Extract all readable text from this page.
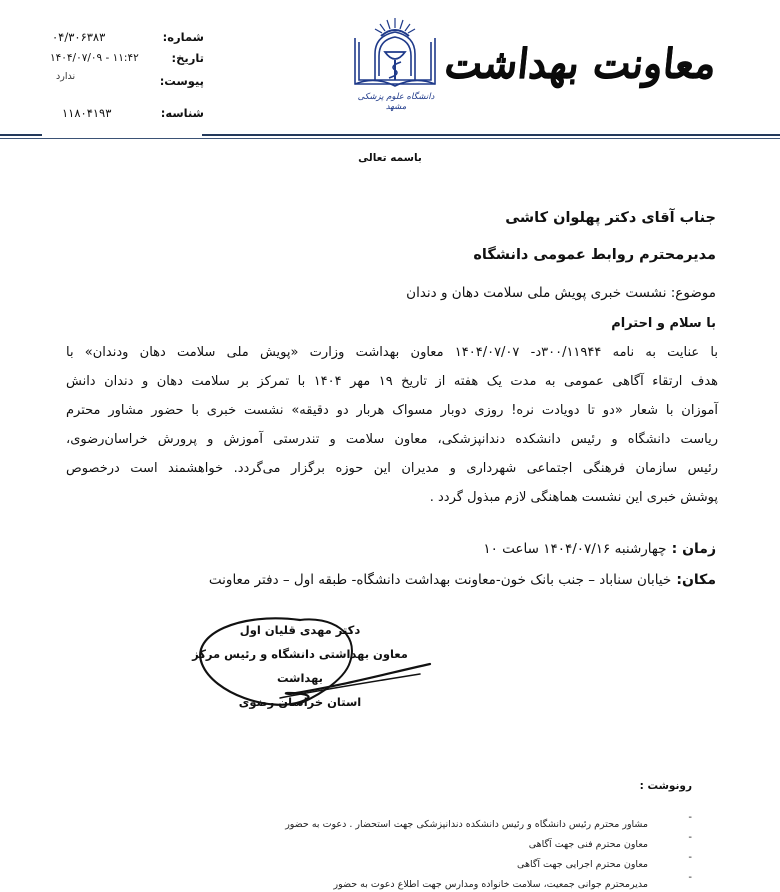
شماره:
۰۴/۳۰۶۳۸۳
تاریخ:
۱۴۰۴/۰۷/۰۹ - ۱۱:۴۲
پیوست:
ندارد
شناسه:
۱۱۸۰۴۱۹۳
دانشگاه علوم پزشکی مشهد
معاونت بهداشت
باسمه تعالی
جناب آقای دکتر پهلوان کاشی
مدیرمحترم روابط عمومی دانشگاه
موضوع: نشست خبری پویش ملی سلامت دهان و دندان
با سلام و احترام
با عنایت به نامه ۳۰۰/۱۱۹۴۴د- ۱۴۰۴/۰۷/۰۷ معاون بهداشت وزارت «پویش ملی سلامت دهان ودندان» با
هدف ارتقاء آگاهی عمومی به مدت یک هفته از تاریخ ۱۹ مهر ۱۴۰۴ با تمرکز بر سلامت دهان و دندان دانش
آموزان با شعار «دو تا دویادت نره! روزی دوبار مسواک هربار دو دقیقه» نشست خبری با حضور مشاور محترم
ریاست دانشگاه و رئیس دانشکده دندانپزشکی، معاون سلامت و تندرستی آموزش و پرورش خراسان‌رضوی،
رئیس سازمان فرهنگی اجتماعی شهرداری و مدیران این حوزه برگزار می‌گردد. خواهشمند است درخصوص
پوشش خبری این نشست هماهنگی لازم مبذول گردد .
زمان : چهارشنبه ۱۴۰۴/۰۷/۱۶ ساعت ۱۰
مکان: خیابان سناباد – جنب بانک خون-معاونت بهداشت دانشگاه- طبقه اول – دفتر معاونت
دکتر مهدی قلیان اول
معاون بهداشتی دانشگاه و رئیس مرکز بهداشت
استان خراسان رضوی
رونوشت :
-
مشاور محترم رئیس دانشگاه و رئیس دانشکده دندانپزشکی جهت استحضار . دعوت به حضور
-
معاون محترم فنی جهت آگاهی
-
معاون محترم اجرایی جهت آگاهی
-
مدیرمحترم جوانی جمعیت، سلامت خانواده ومدارس جهت اطلاع دعوت به حضور
